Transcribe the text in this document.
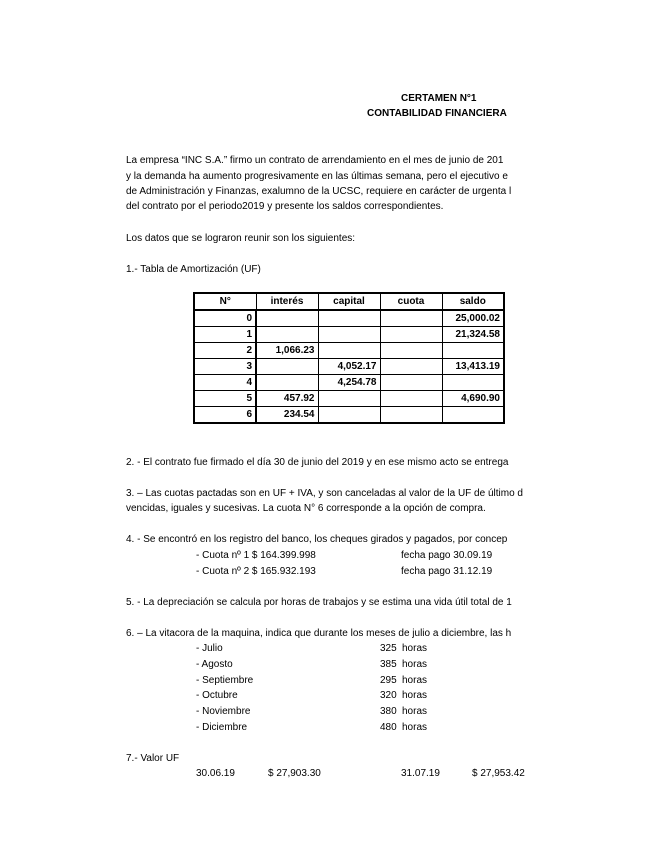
CERTAMEN N°1
CONTABILIDAD FINANCIERA
La empresa “INC S.A.” firmo un contrato de arrendamiento en el mes de junio de 201
y la demanda ha aumento progresivamente en las últimas semana, pero el ejecutivo e
de Administración y Finanzas, exalumno de la UCSC, requiere en carácter de urgenta l
del contrato por el periodo2019 y presente los saldos correspondientes.
Los datos que se lograron reunir son los siguientes:
1.- Tabla de Amortización (UF)
N°	interés	capital	cuota	saldo
0				25,000.02
1				21,324.58
2	1,066.23			
3		4,052.17		13,413.19
4		4,254.78		
5	457.92			4,690.90
6	234.54			
2. - El contrato fue firmado el día 30 de junio del 2019 y en ese mismo acto se entrega
3. – Las cuotas pactadas son en UF + IVA, y son canceladas al valor de la UF de último d
vencidas, iguales y sucesivas. La cuota N° 6 corresponde a la opción de compra.
4. - Se encontró en los registro del banco, los cheques girados y pagados, por concep
- Cuota nº 1 $ 164.399.998	fecha pago 30.09.19
- Cuota nº 2 $ 165.932.193	fecha pago 31.12.19
5. - La depreciación se calcula por horas de trabajos y se estima una vida útil total de 1
6. – La vitacora de la maquina, indica que durante los meses de julio a diciembre, las h
- Julio	325 horas
- Agosto	385 horas
- Septiembre	295 horas
- Octubre	320 horas
- Noviembre	380 horas
- Diciembre	480 horas
7.- Valor UF
30.06.19	$ 27,903.30	31.07.19	$ 27,953.42
